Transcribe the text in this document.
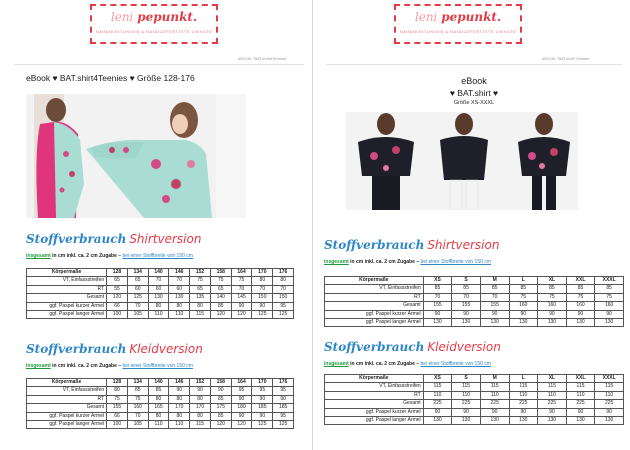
leni pepunkt.
NÄHANLEITUNGEN & HANDGEFERTIGTE UNIKATE
eBOOK "BAT.shirt4Teenies"
eBook ♥ BAT.shirt4Teenies ♥ Größe 128-176
Stoffverbrauch Shirtversion
insgesamt in cm inkl. ca. 2 cm Zugabe – bei einer Stoffbreite von 150 cm
Körpermaße	128	134	140	146	152	158	164	170	176
VT, Einfassstreifen	65	65	70	70	75	75	75	80	80
RT	55	60	60	60	65	65	70	70	70
Gesamt	120	125	130	130	135	140	145	150	150
ggf. Paspel kurzer Ärmel	66	70	80	80	80	85	90	90	95
ggf. Paspel langer Ärmel	100	105	110	110	115	120	120	125	125
Stoffverbrauch Kleidversion
insgesamt in cm inkl. ca. 2 cm Zugabe – bei einer Stoffbreite von 150 cm
Körpermaße	128	134	140	146	152	158	164	170	176
VT, Einfassstreifen	80	85	85	90	90	90	95	95	95
RT	75	75	80	80	80	85	90	90	90
Gesamt	155	160	165	170	170	175	180	185	185
ggf. Paspel kurzer Ärmel	66	70	80	80	80	85	90	90	95
ggf. Paspel langer Ärmel	100	105	110	110	115	120	120	125	125
leni pepunkt.
NÄHANLEITUNGEN & HANDGEFERTIGTE UNIKATE
eBOOK "BAT.shirt" Damen
eBook
♥ BAT.shirt ♥
Größe XS-XXXL
Stoffverbrauch Shirtversion
insgesamt in cm inkl. ca. 2 cm Zugabe – bei einer Stoffbreite von 150 cm
Körpermaße	XS	S	M	L	XL	XXL	XXXL
VT, Einfassstreifen	85	85	85	85	85	85	85
RT	70	70	70	75	75	75	75
Gesamt	155	155	155	160	160	160	160
ggf. Paspel kurzer Ärmel	90	90	90	90	90	90	90
ggf. Paspel langer Ärmel	130	130	130	130	130	130	130
Stoffverbrauch Kleidversion
insgesamt in cm inkl. ca. 2 cm Zugabe – bei einer Stoffbreite von 150 cm
Körpermaße	XS	S	M	L	XL	XXL	XXXL
VT, Einfassstreifen	115	115	115	115	115	115	115
RT	110	110	110	110	110	110	110
Gesamt	225	225	225	225	225	225	225
ggf. Paspel kurzer Ärmel	90	90	90	90	90	90	90
ggf. Paspel langer Ärmel	130	130	130	130	130	130	130
